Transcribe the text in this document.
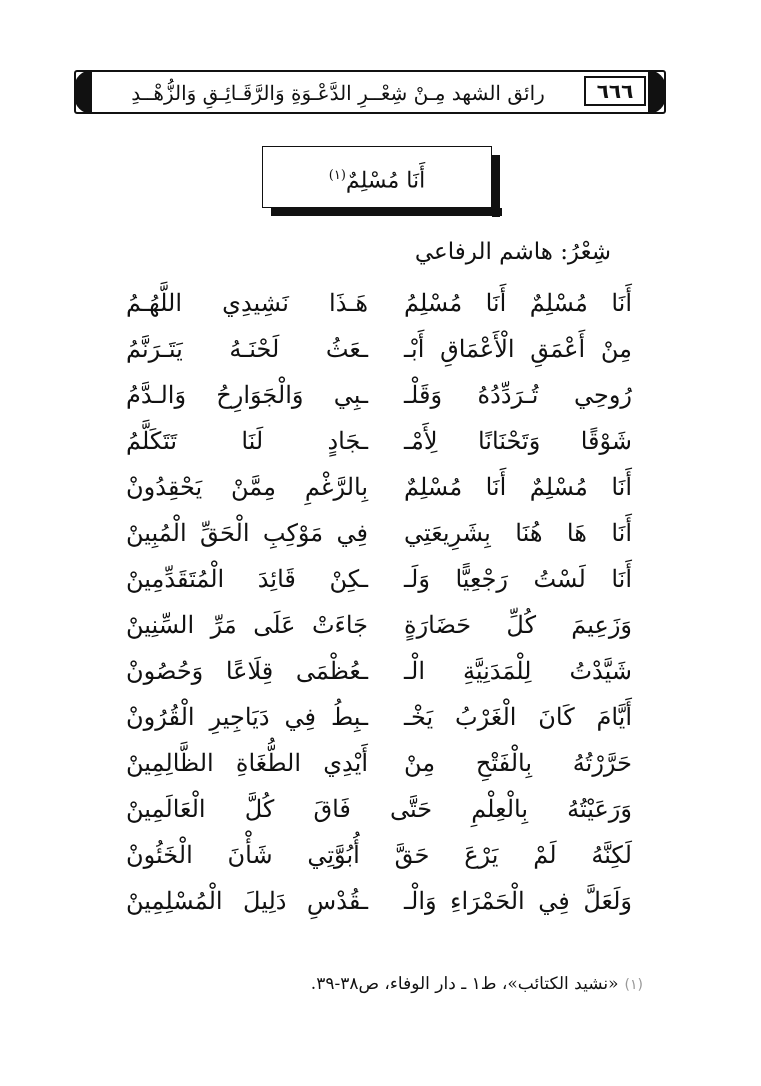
٦٦٦
رائق الشهد مِـنْ شِعْــرِ الدَّعْـوَةِ وَالرَّقَـائِـقِ وَالزُّهْــدِ
أَنَا مُسْلِمٌ$^{(١)}$
شِعْرُ: هاشم الرفاعي
أَنَا مُسْلِمٌ أَنَا مُسْلِمُ
هَـذَا نَشِيدِي اللَّهُـمُ
مِنْ أَعْمَقِ الْأَعْمَاقِ أَبْـ
ـعَثُ لَحْنَـهُ يَتَـرَنَّمُ
رُوحِي تُـرَدِّدُهُ وَقَلْـ
ـبِي وَالْجَوَارِحُ وَالـدَّمُ
شَوْقًا وَتَحْنَانًا لِأَمْـ
ـجَادٍ لَنَا تَتَكَلَّمُ
أَنَا مُسْلِمٌ أَنَا مُسْلِمٌ
بِالرَّغْمِ مِمَّنْ يَحْقِدُونْ
أَنَا هَا هُنَا بِشَرِيعَتِي
فِي مَوْكِبِ الْحَقِّ الْمُبِينْ
أَنَا لَسْتُ رَجْعِيًّا وَلَـ
ـكِنْ قَائِدَ الْمُتَقَدِّمِينْ
وَزَعِيمَ كُلِّ حَضَارَةٍ
جَاءَتْ عَلَى مَرِّ السِّنِينْ
شَيَّدْتُ لِلْمَدَنِيَّةِ الْـ
ـعُظْمَى قِلَاعًا وَحُصُونْ
أَيَّامَ كَانَ الْغَرْبُ يَخْـ
ـبِطُ فِي دَيَاجِيرِ الْقُرُونْ
حَرَّرْتُهُ بِالْفَتْحِ مِنْ
أَيْدِي الطُّغَاةِ الظَّالِمِينْ
وَرَعَيْتُهُ بِالْعِلْمِ حَتَّى فَاقَ كُلَّ الْعَالَمِينْ
لَكِنَّهُ لَمْ يَرْعَ حَقَّ أُبُوَّتِي شَأْنَ الْخَئُونْ
وَلَعَلَّ فِي الْحَمْرَاءِ وَالْـ
ـقُدْسِ دَلِيلَ الْمُسْلِمِينْ
(١)«نشيد الكتائب»، ط١ ـ دار الوفاء، ص٣٨-٣٩.
